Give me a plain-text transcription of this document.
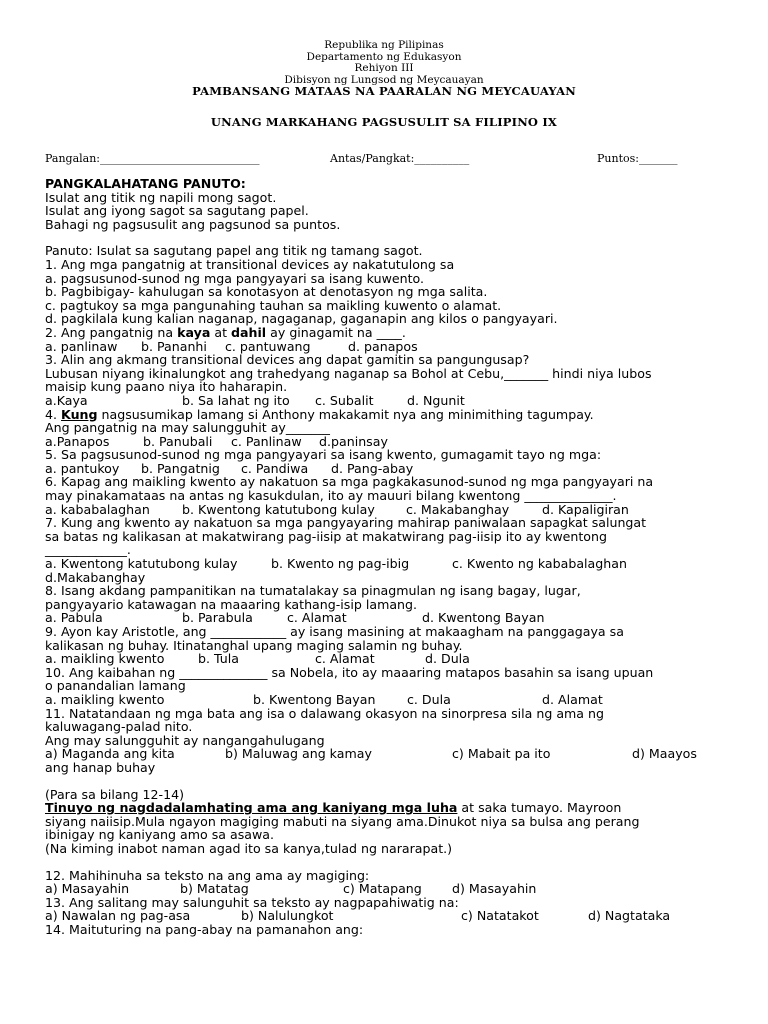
Republika ng Pilipinas
Departamento ng Edukasyon
Rehiyon III
Dibisyon ng Lungsod ng Meycauayan
PAMBANSANG MATAAS NA PAARALAN NG MEYCAUAYAN
UNANG MARKAHANG PAGSUSULIT SA FILIPINO IX
Pangalan:_____________________________	Antas/Pangkat:__________	Puntos:_______
PANGKALAHATANG PANUTO:
Isulat ang titik ng napili mong sagot.
Isulat ang iyong sagot sa sagutang papel.
Bahagi ng pagsusulit ang pagsunod sa puntos.
Panuto: Isulat sa sagutang papel ang titik ng tamang sagot.
1. Ang mga pangatnig at transitional devices ay nakatutulong sa
a. pagsusunod-sunod ng mga pangyayari sa isang kuwento.
b. Pagbibigay- kahulugan sa konotasyon at denotasyon ng mga salita.
c. pagtukoy sa mga pangunahing tauhan sa maikling kuwento o alamat.
d. pagkilala kung kalian naganap, nagaganap, gaganapin ang kilos o pangyayari.
2. Ang pangatnig na kaya at dahil ay ginagamit na ____.
a. panlinaw b. Pananhi c. pantuwang	d. panapos
3. Alin ang akmang transitional devices ang dapat gamitin sa pangungusap?
Lubusan niyang ikinalungkot ang trahedyang naganap sa Bohol at Cebu,_______ hindi niya lubos
maisip kung paano niya ito haharapin.
a.Kaya	b. Sa lahat ng ito c. Subalit	d. Ngunit
4. Kung nagsusumikap lamang si Anthony makakamit nya ang minimithing tagumpay.
Ang pangatnig na may salungguhit ay_______
a.Panapos	b. Panubali c. Panlinaw d.paninsay
5. Sa pagsusunod-sunod ng mga pangyayari sa isang kwento, gumagamit tayo ng mga:
a. pantukoy b. Pangatnig c. Pandiwa d. Pang-abay
6. Kapag ang maikling kwento ay nakatuon sa mga pagkakasunod-sunod ng mga pangyayari na
may pinakamataas na antas ng kasukdulan, ito ay mauuri bilang kwentong ______________.
a. kababalaghan	b. Kwentong katutubong kulay c. Makabanghay	d. Kapaligiran
7. Kung ang kwento ay nakatuon sa mga pangyayaring mahirap paniwalaan sapagkat salungat
sa batas ng kalikasan at makatwirang pag-iisip at makatwirang pag-iisip ito ay kwentong
_____________.
a. Kwentong katutubong kulay	b. Kwento ng pag-ibig	c. Kwento ng kababalaghan
d.Makabanghay
8. Isang akdang pampanitikan na tumatalakay sa pinagmulan ng isang bagay, lugar,
pangyayario katawagan na maaaring kathang-isip lamang.
a. Pabula	b. Parabula	c. Alamat	d. Kwentong Bayan
9. Ayon kay Aristotle, ang ____________ ay isang masining at makaagham na panggagaya sa
kalikasan ng buhay. Itinatanghal upang maging salamin ng buhay.
a. maikling kwento	b. Tula	c. Alamat	d. Dula
10. Ang kaibahan ng ______________ sa Nobela, ito ay maaaring matapos basahin sa isang upuan
o panandalian lamang
a. maikling kwento	b. Kwentong Bayan	c. Dula	d. Alamat
11. Natatandaan ng mga bata ang isa o dalawang okasyon na sinorpresa sila ng ama ng
kaluwagang-palad nito.
Ang may salungguhit ay nangangahulugang
a) Maganda ang kita	b) Maluwag ang kamay	c) Mabait pa ito	d) Maayos
ang hanap buhay
(Para sa bilang 12-14)
Tinuyo ng nagdadalamhating ama ang kaniyang mga luha at saka tumayo. Mayroon
siyang naiisip.Mula ngayon magiging mabuti na siyang ama.Dinukot niya sa bulsa ang perang
ibinigay ng kaniyang amo sa asawa.
(Na kiming inabot naman agad ito sa kanya,tulad ng nararapat.)
12. Mahihinuha sa teksto na ang ama ay magiging:
a) Masayahin	b) Matatag	c) Matapang d) Masayahin
13. Ang salitang may salunguhit sa teksto ay nagpapahiwatig na:
a) Nawalan ng pag-asa	b) Nalulungkot	c) Natatakot	d) Nagtataka
14. Maituturing na pang-abay na pamanahon ang:
